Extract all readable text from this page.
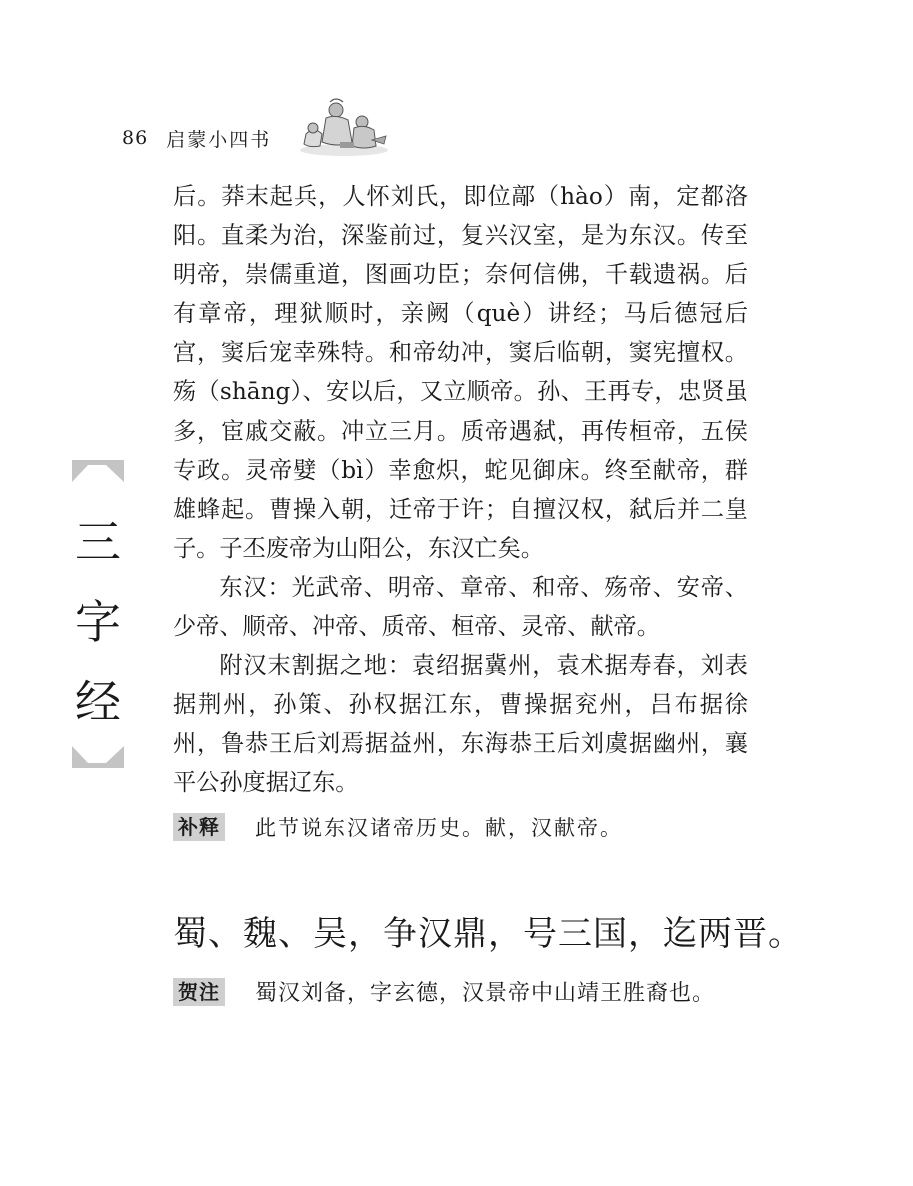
86 启蒙小四书
三
字
经

后。莽末起兵，人怀刘氏，即位鄗（hào）南，定都洛阳。直柔为治，深鉴前过，复兴汉室，是为东汉。传至明帝，崇儒重道，图画功臣；奈何信佛，千载遗祸。后有章帝，理狱顺时，亲阙（què）讲经；马后德冠后宫，窦后宠幸殊特。和帝幼冲，窦后临朝，窦宪擅权。殇（shāng）、安以后，又立顺帝。孙、王再专，忠贤虽多，宦戚交蔽。冲立三月。质帝遇弑，再传桓帝，五侯专政。灵帝嬖（bì）幸愈炽，蛇见御床。终至献帝，群雄蜂起。曹操入朝，迁帝于许；自擅汉权，弑后并二皇子。子丕废帝为山阳公，东汉亡矣。

东汉：光武帝、明帝、章帝、和帝、殇帝、安帝、少帝、顺帝、冲帝、质帝、桓帝、灵帝、献帝。

附汉末割据之地：袁绍据冀州，袁术据寿春，刘表据荆州，孙策、孙权据江东，曹操据兖州，吕布据徐州，鲁恭王后刘焉据益州，东海恭王后刘虞据幽州，襄平公孙度据辽东。

补释 此节说东汉诸帝历史。献，汉献帝。
蜀、魏、吴，争汉鼎，号三国，迄两晋。
贺注 蜀汉刘备，字玄德，汉景帝中山靖王胜裔也。
